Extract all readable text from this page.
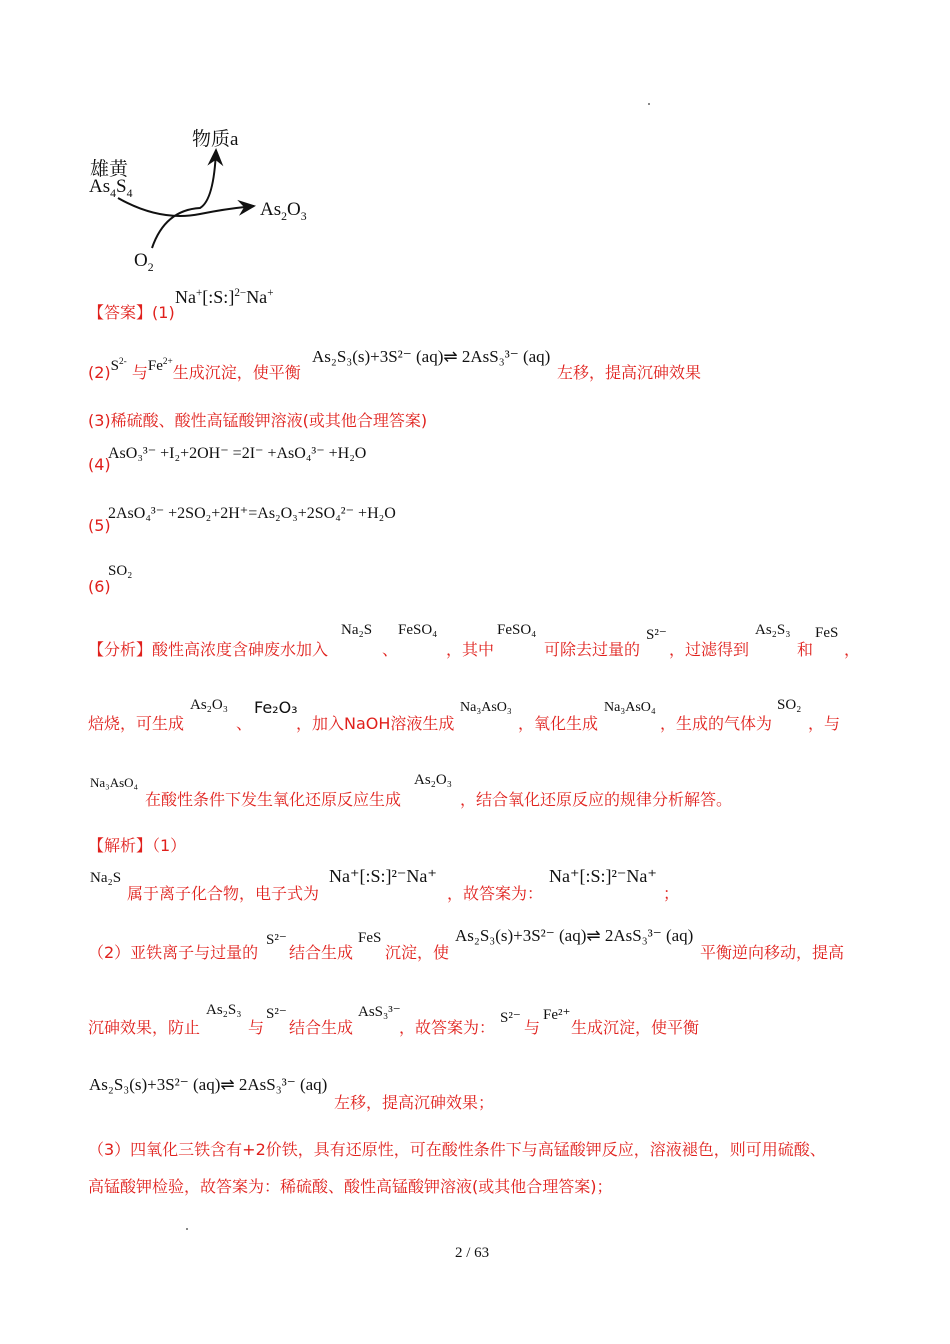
物质a
雄黄
$As_4S_4$
$As_2O_3$
$O_2$
【答案】(1)
Na+[:S:]$^{2-}$Na+
$(2)S^{2-}$ 与$Fe^{2+}$生成沉淀，使平衡
As₂S₃(s)+3S²⁻ (aq)⇌ 2AsS₃³⁻ (aq)
左移，提高沉砷效果
(3)稀硫酸、酸性高锰酸钾溶液(或其他合理答案)
(4)
AsO₃³⁻ +I₂+2OH⁻ =2I⁻ +AsO₄³⁻ +H₂O
(5)
2AsO₄³⁻ +2SO₂+2H⁺=As₂O₃+2SO₄²⁻ +H₂O
(6)
SO₂
【分析】酸性高浓度含砷废水加入
Na₂S
、
FeSO₄
，其中
FeSO₄
可除去过量的
S²⁻
，过滤得到
As₂S₃
和
FeS
，
焙烧，可生成
As₂O₃
、
Fe₂O₃
，加入NaOH溶液生成
Na₃AsO₃
，氧化生成
Na₃AsO₄
，生成的气体为
SO₂
，与
Na₃AsO₄
在酸性条件下发生氧化还原反应生成
As₂O₃
，结合氧化还原反应的规律分析解答。
【解析】（1）
Na₂S
属于离子化合物，电子式为
Na⁺[:S:]²⁻Na⁺
，故答案为：
Na⁺[:S:]²⁻Na⁺
；
（2）亚铁离子与过量的
S²⁻
结合生成
FeS
沉淀，使
As₂S₃(s)+3S²⁻ (aq)⇌ 2AsS₃³⁻ (aq)
平衡逆向移动，提高
沉砷效果，防止
As₂S₃
与
S²⁻
结合生成
AsS₃³⁻
，故答案为： S²⁻ 与
Fe²⁺
生成沉淀，使平衡
As₂S₃(s)+3S²⁻ (aq)⇌ 2AsS₃³⁻ (aq)
左移，提高沉砷效果；
（3）四氧化三铁含有+2价铁，具有还原性，可在酸性条件下与高锰酸钾反应，溶液褪色，则可用硫酸、
高锰酸钾检验，故答案为：稀硫酸、酸性高锰酸钾溶液(或其他合理答案)；
2 / 63
